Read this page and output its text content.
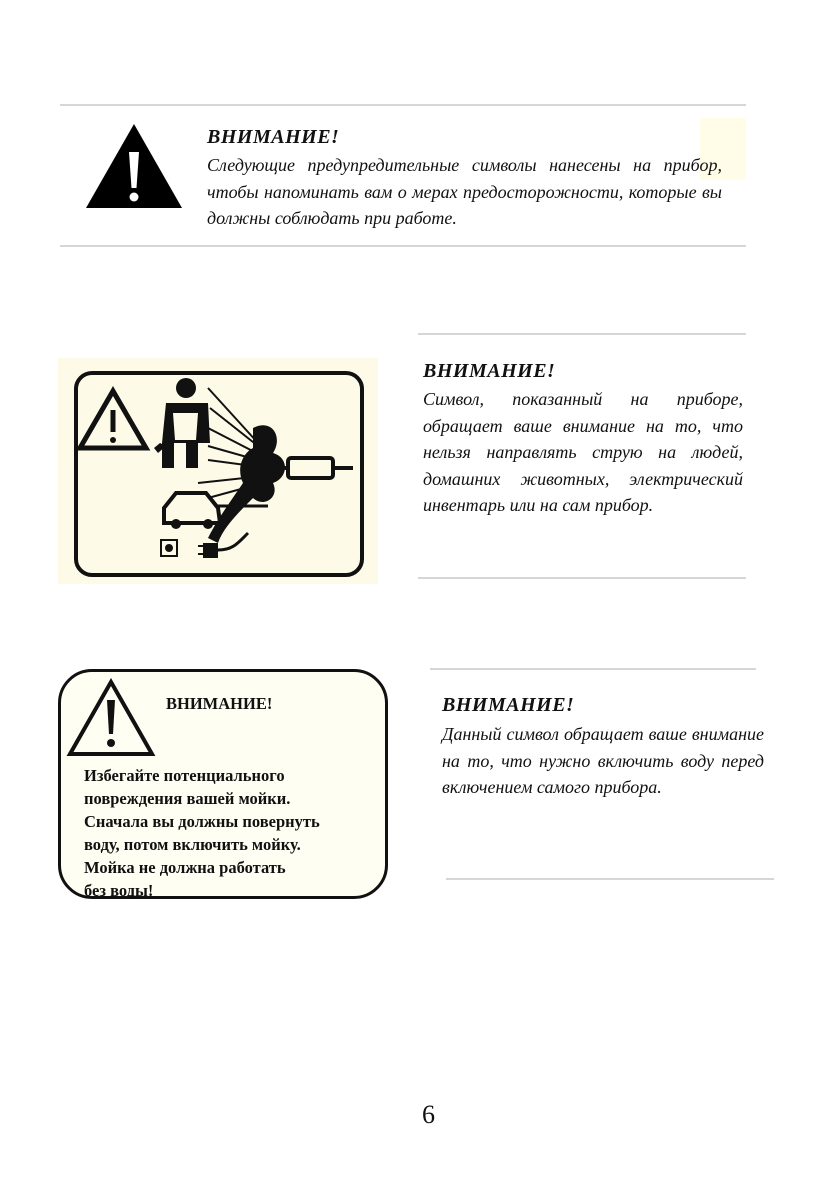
ВНИМАНИЕ!
Следующие предупредительные символы нанесены на прибор, чтобы напоминать вам о мерах предосторожности, которые вы должны соблюдать при работе.
ВНИМАНИЕ!
Символ, показанный на приборе, обращает ваше внимание на то, что нельзя направлять струю на людей, домашних животных, электрический инвентарь или на сам прибор.
ВНИМАНИЕ!
Избегайте потенциального
повреждения вашей мойки.
Сначала вы должны повернуть
воду, потом включить мойку.
Мойка не должна работать
без воды!
ВНИМАНИЕ!
Данный символ обращает ваше внимание на то, что нужно включить воду перед включением самого прибора.
6
